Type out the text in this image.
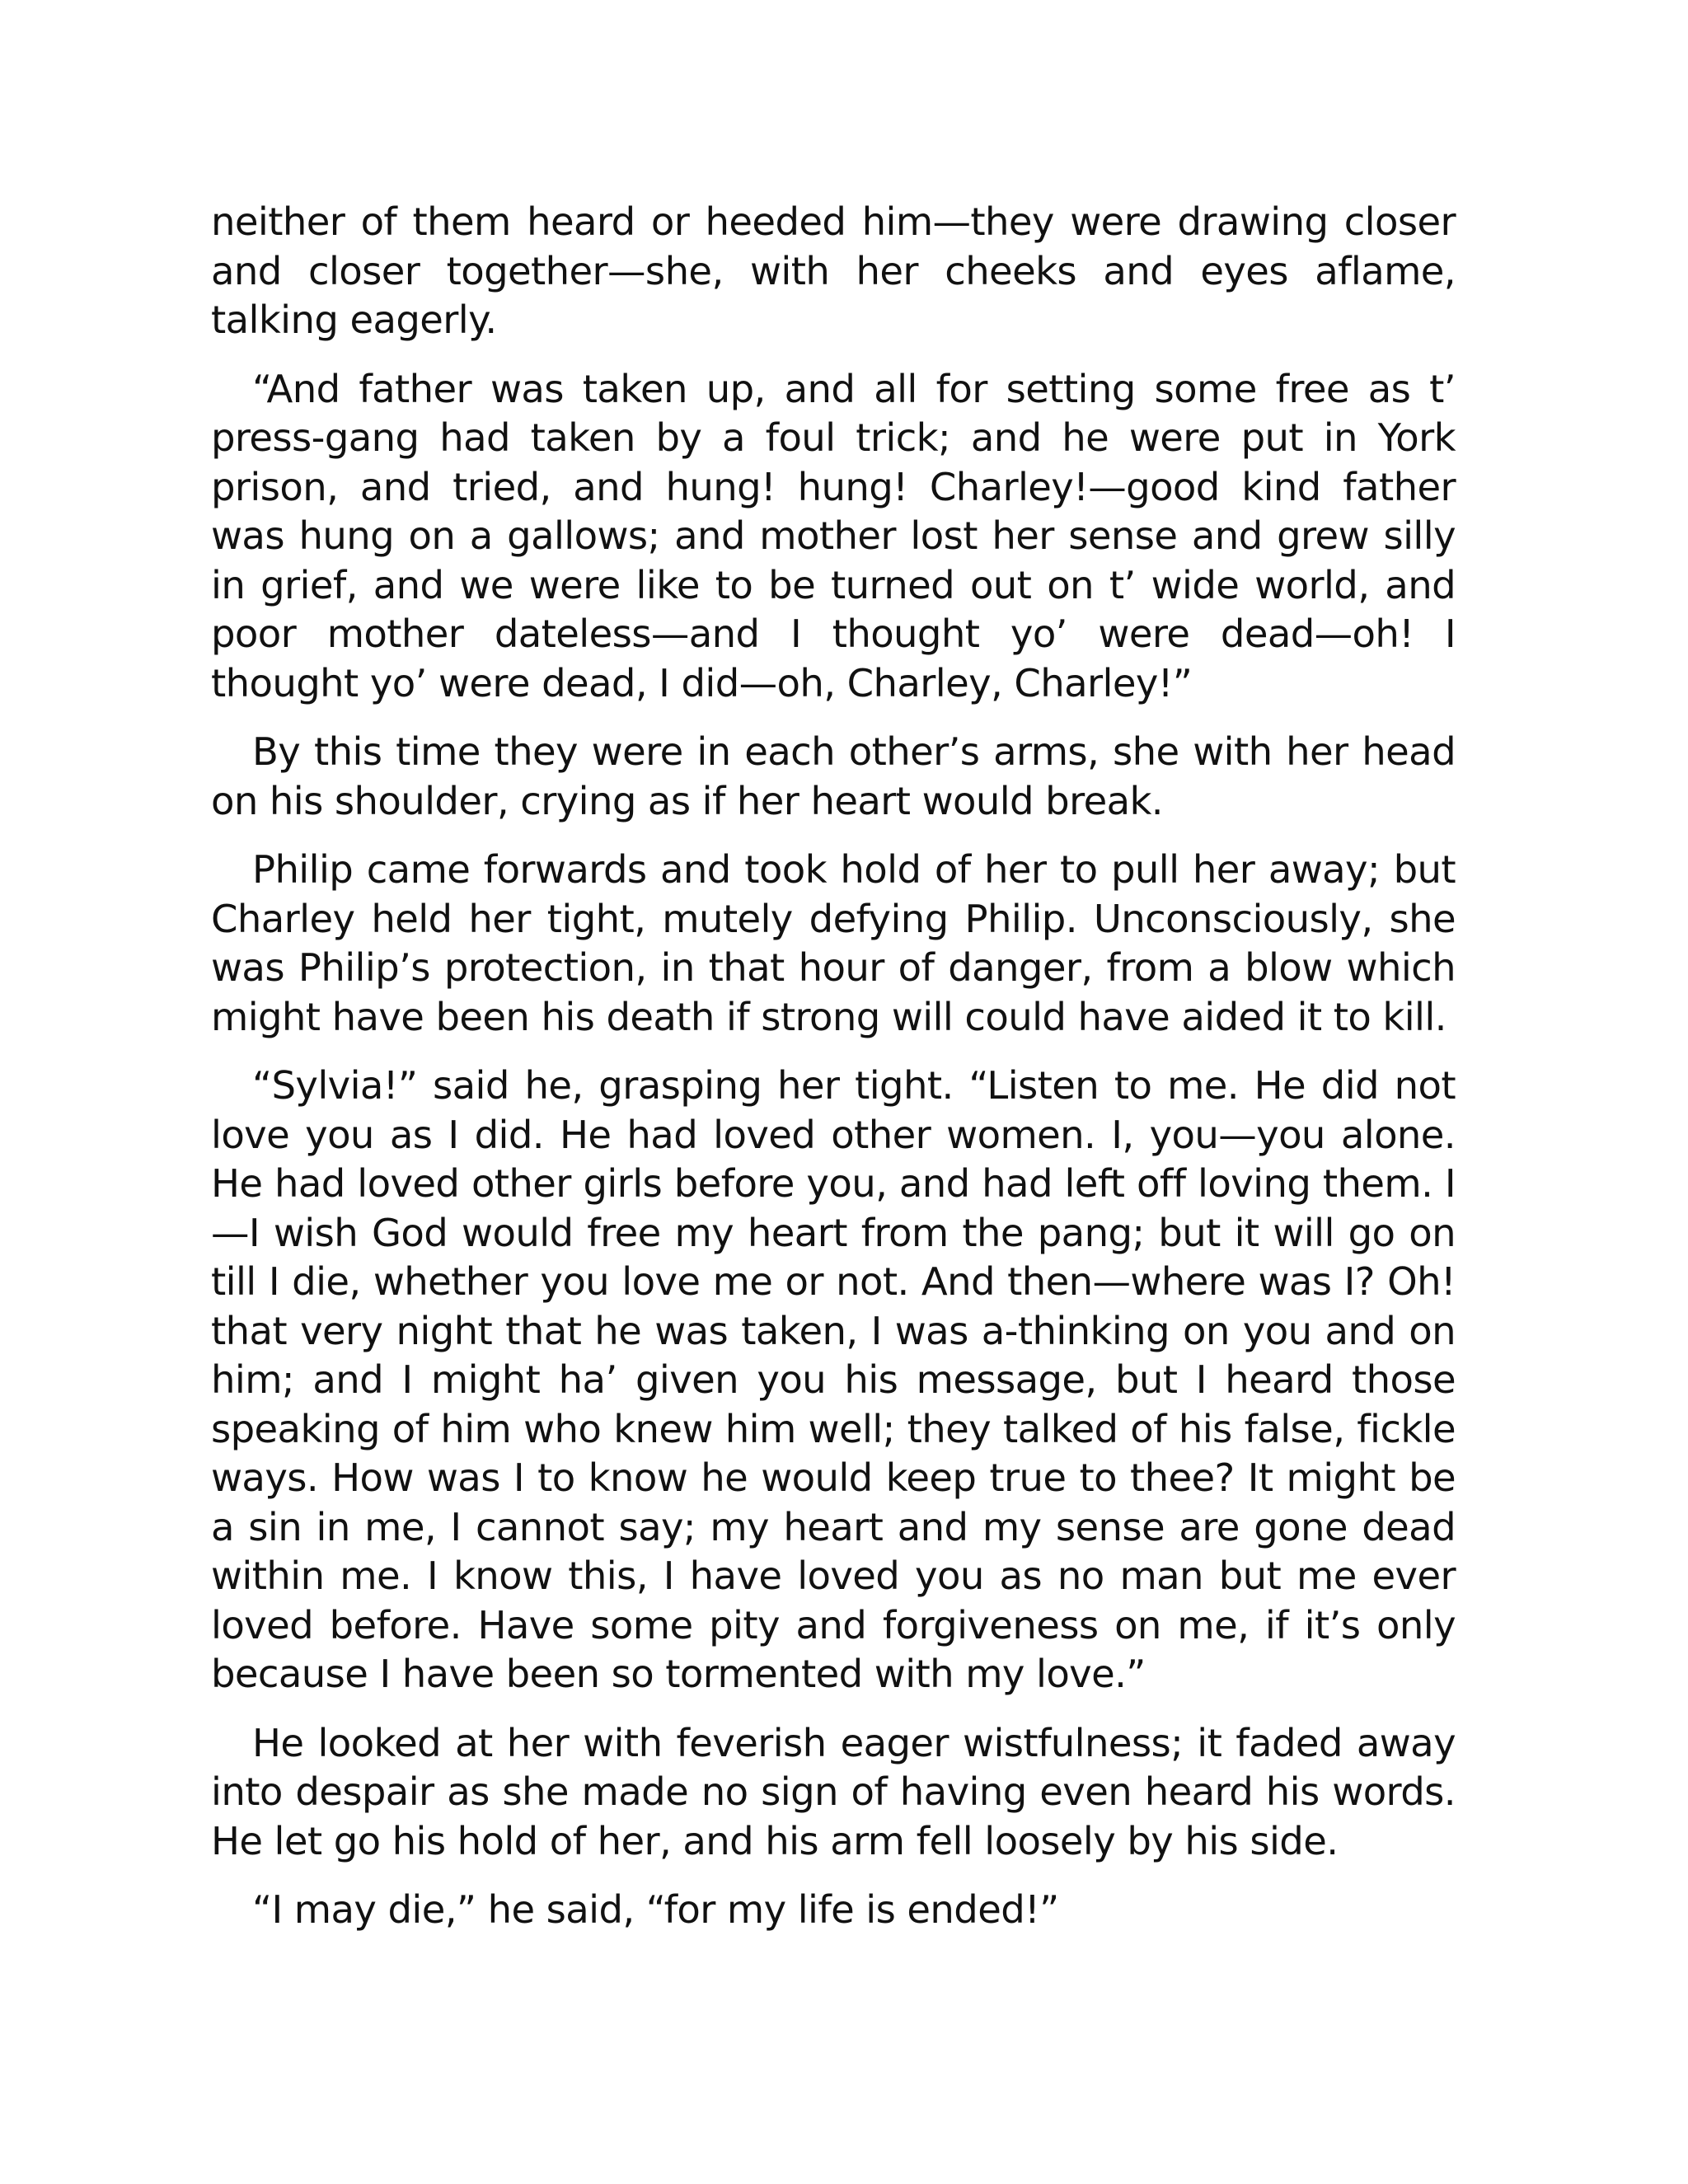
neither of them heard or heeded him—they were drawing closer and closer together—she, with her cheeks and eyes aflame, talking eagerly.

“And father was taken up, and all for setting some free as t’ press-gang had taken by a foul trick; and he were put in York prison, and tried, and hung! hung! Charley!—good kind father was hung on a gallows; and mother lost her sense and grew silly in grief, and we were like to be turned out on t’ wide world, and poor mother dateless—and I thought yo’ were dead—oh! I thought yo’ were dead, I did—oh, Charley, Charley!”

By this time they were in each other’s arms, she with her head on his shoulder, crying as if her heart would break.

Philip came forwards and took hold of her to pull her away; but Charley held her tight, mutely defying Philip. Unconsciously, she was Philip’s protection, in that hour of danger, from a blow which might have been his death if strong will could have aided it to kill.

“Sylvia!” said he, grasping her tight. “Listen to me. He did not love you as I did. He had loved other women. I, you—you alone. He had loved other girls before you, and had left off loving them. I—I wish God would free my heart from the pang; but it will go on till I die, whether you love me or not. And then—where was I? Oh! that very night that he was taken, I was a-thinking on you and on him; and I might ha’ given you his message, but I heard those speaking of him who knew him well; they talked of his false, fickle ways. How was I to know he would keep true to thee? It might be a sin in me, I cannot say; my heart and my sense are gone dead within me. I know this, I have loved you as no man but me ever loved before. Have some pity and forgiveness on me, if it’s only because I have been so tormented with my love.”

He looked at her with feverish eager wistfulness; it faded away into despair as she made no sign of having even heard his words. He let go his hold of her, and his arm fell loosely by his side.

“I may die,” he said, “for my life is ended!”
